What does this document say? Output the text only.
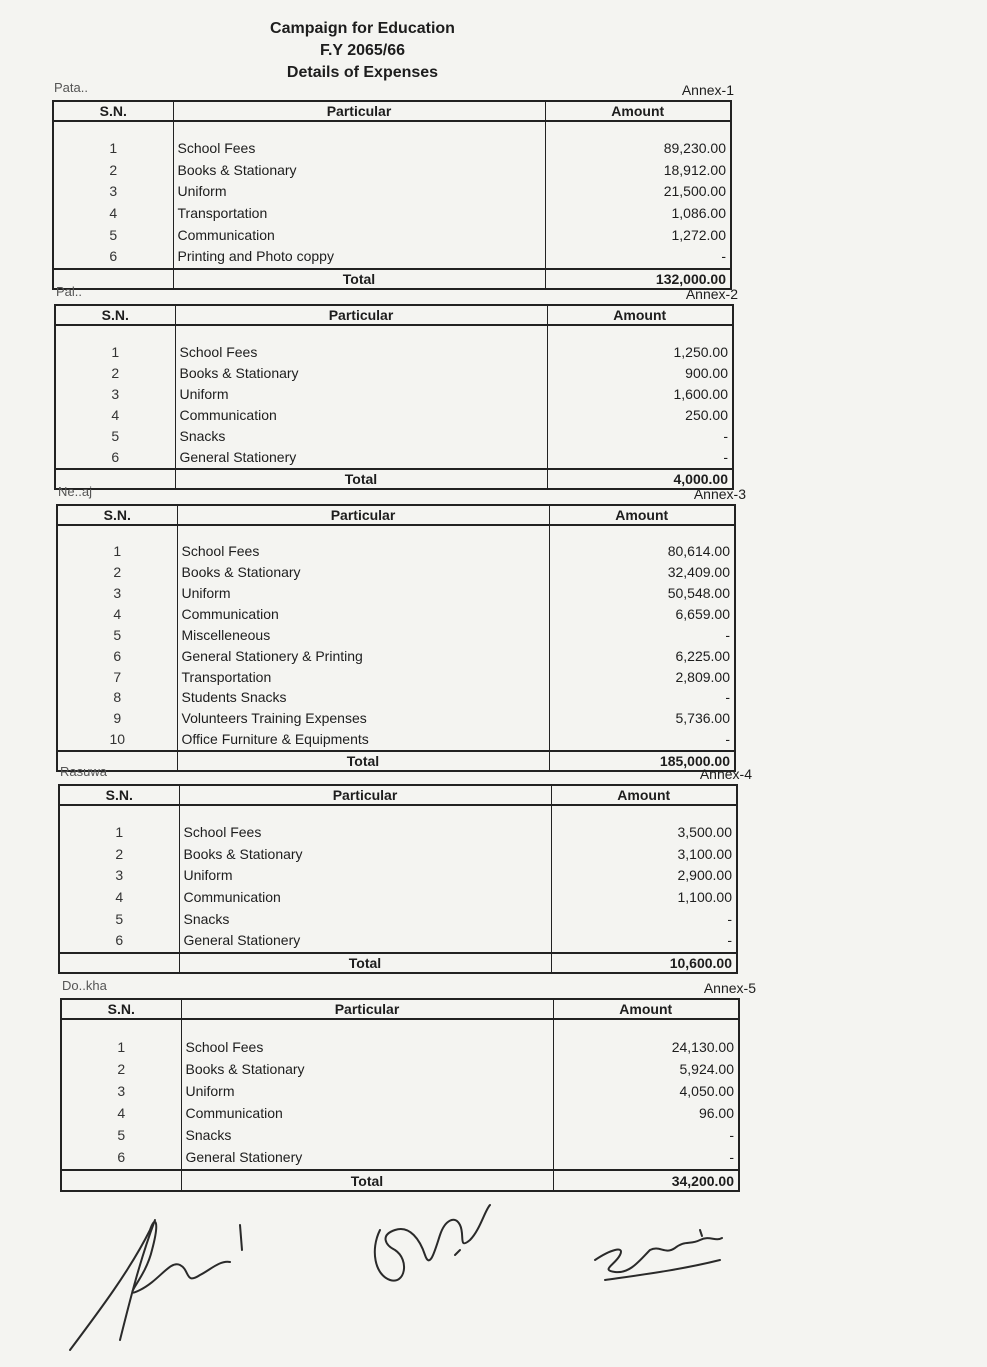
Campaign for Education
F.Y 2065/66
Details of Expenses
Pata..	Annex-1
S.N.	Particular	Amount

1	School Fees	89,230.00
2	Books & Stationary	18,912.00
3	Uniform	21,500.00
4	Transportation	1,086.00
5	Communication	1,272.00
6	Printing and Photo coppy	-
	Total	132,000.00
Pal..	Annex-2
S.N.	Particular	Amount

1	School Fees	1,250.00
2	Books & Stationary	900.00
3	Uniform	1,600.00
4	Communication	250.00
5	Snacks	-
6	General Stationery	-
	Total	4,000.00
Ne..aj	Annex-3
S.N.	Particular	Amount

1	School Fees	80,614.00
2	Books & Stationary	32,409.00
3	Uniform	50,548.00
4	Communication	6,659.00
5	Miscelleneous	-
6	General Stationery & Printing	6,225.00
7	Transportation	2,809.00
8	Students Snacks	-
9	Volunteers Training Expenses	5,736.00
10	Office Furniture & Equipments	-
	Total	185,000.00
Rasuwa	Annex-4
S.N.	Particular	Amount

1	School Fees	3,500.00
2	Books & Stationary	3,100.00
3	Uniform	2,900.00
4	Communication	1,100.00
5	Snacks	-
6	General Stationery	-
	Total	10,600.00
Do..kha	Annex-5
S.N.	Particular	Amount

1	School Fees	24,130.00
2	Books & Stationary	5,924.00
3	Uniform	4,050.00
4	Communication	96.00
5	Snacks	-
6	General Stationery	-
	Total	34,200.00
